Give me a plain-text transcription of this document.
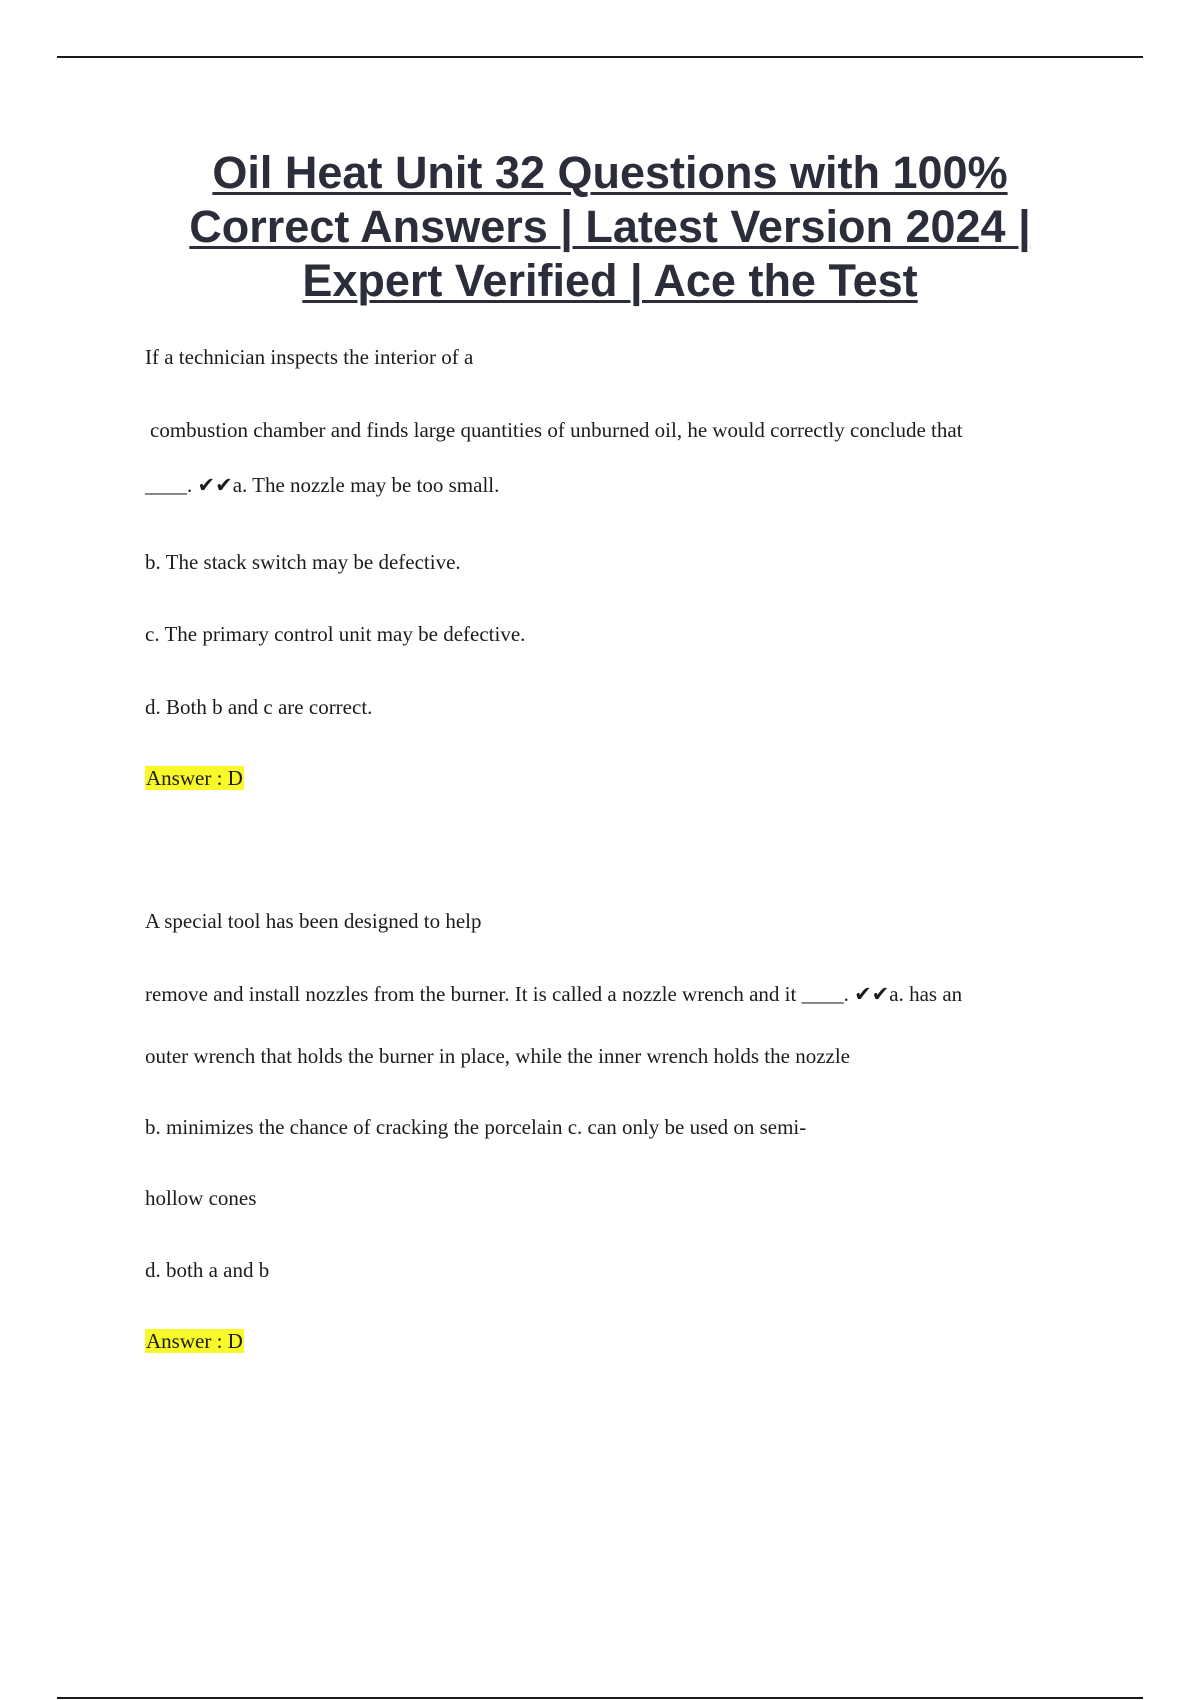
Oil Heat Unit 32 Questions with 100%
Correct Answers | Latest Version 2024 |
Expert Verified | Ace the Test

If a technician inspects the interior of a

combustion chamber and finds large quantities of unburned oil, he would correctly conclude that

____. ✔✔a. The nozzle may be too small.

b. The stack switch may be defective.

c. The primary control unit may be defective.

d. Both b and c are correct.

Answer : D

A special tool has been designed to help

remove and install nozzles from the burner. It is called a nozzle wrench and it ____. ✔✔a. has an

outer wrench that holds the burner in place, while the inner wrench holds the nozzle

b. minimizes the chance of cracking the porcelain c. can only be used on semi-

hollow cones

d. both a and b

Answer : D
